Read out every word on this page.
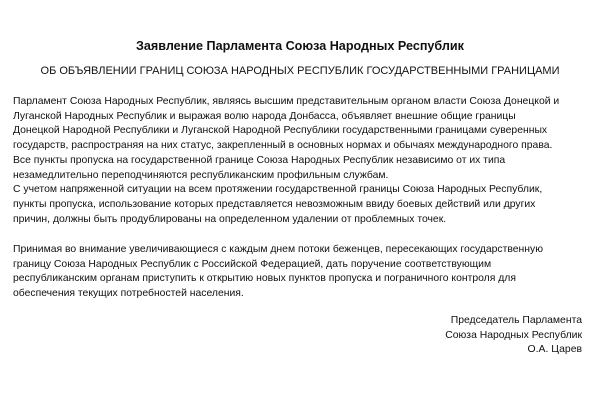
Заявление Парламента Союза Народных Республик
ОБ ОБЪЯВЛЕНИИ ГРАНИЦ СОЮЗА НАРОДНЫХ РЕСПУБЛИК ГОСУДАРСТВЕННЫМИ ГРАНИЦАМИ
Парламент Союза Народных Республик, являясь высшим представительным органом власти Союза Донецкой и
Луганской Народных Республик и выражая волю народа Донбасса, объявляет внешние общие границы
Донецкой Народной Республики и Луганской Народной Республики государственными границами суверенных
государств, распространяя на них статус, закрепленный в основных нормах и обычаях международного права.
Все пункты пропуска на государственной границе Союза Народных Республик независимо от их типа
незамедлительно переподчиняются республиканским профильным службам.
С учетом напряженной ситуации на всем протяжении государственной границы Союза Народных Республик,
пункты пропуска, использование которых представляется невозможным ввиду боевых действий или других
причин, должны быть продублированы на определенном удалении от проблемных точек.
Принимая во внимание увеличивающиеся с каждым днем потоки беженцев, пересекающих государственную
границу Союза Народных Республик с Российской Федерацией, дать поручение соответствующим
республиканским органам приступить к открытию новых пунктов пропуска и пограничного контроля для
обеспечения текущих потребностей населения.
Председатель Парламента
Союза Народных Республик
О.А. Царев
